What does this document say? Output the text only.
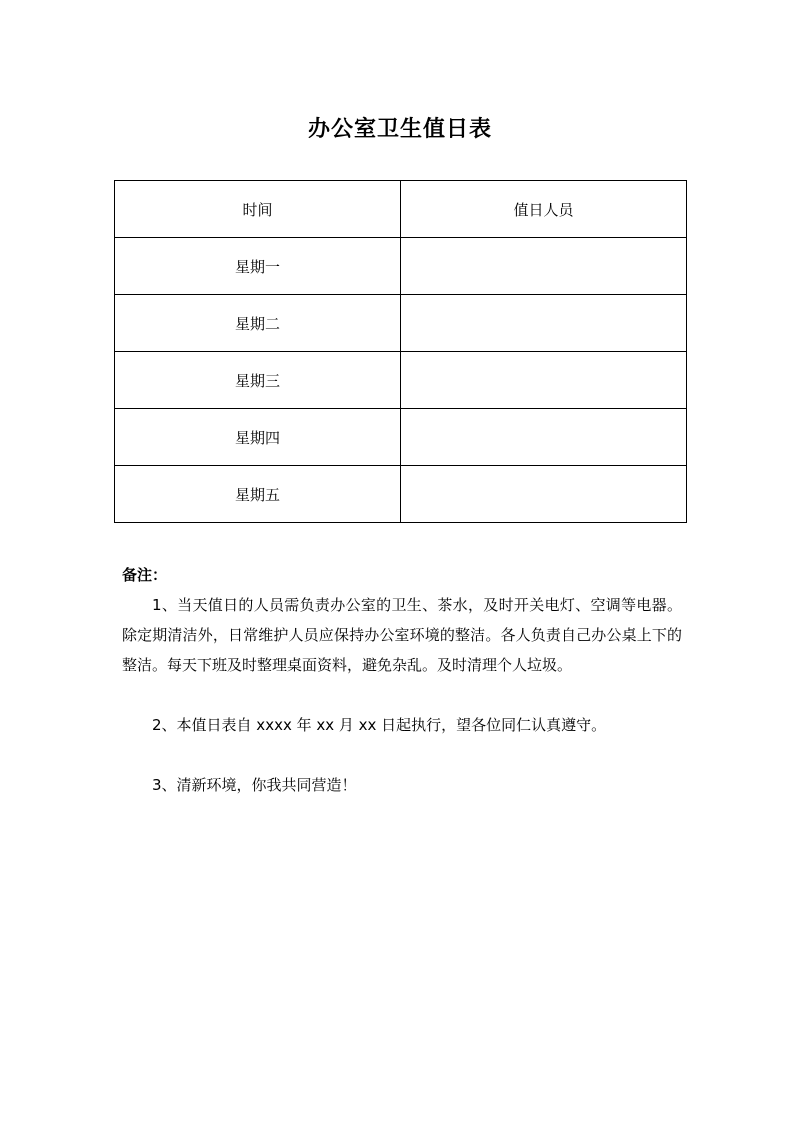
办公室卫生值日表
时间	值日人员
星期一	
星期二	
星期三	
星期四	
星期五	
备注：

1、当天值日的人员需负责办公室的卫生、茶水，及时开关电灯、空调等电器。除定期清洁外，日常维护人员应保持办公室环境的整洁。各人负责自己办公桌上下的整洁。每天下班及时整理桌面资料，避免杂乱。及时清理个人垃圾。

2、本值日表自 xxxx 年 xx 月 xx 日起执行，望各位同仁认真遵守。

3、清新环境，你我共同营造！
